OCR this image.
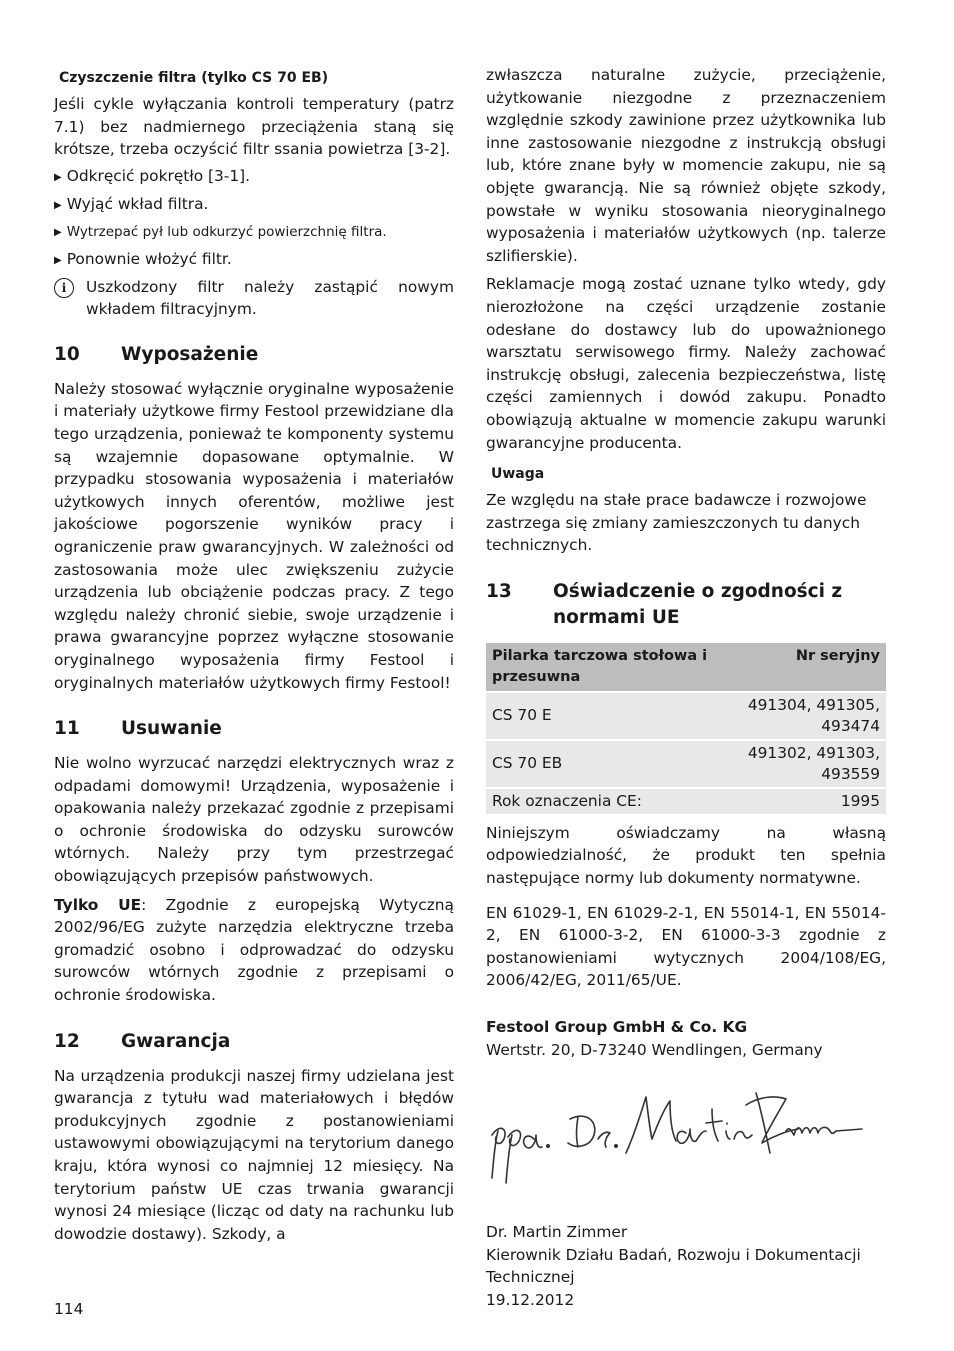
Czyszczenie filtra (tylko CS 70 EB)

Jeśli cykle wyłączania kontroli temperatury (patrz 7.1) bez nadmiernego przeciążenia staną się krótsze, trzeba oczyścić filtr ssania powietrza [3-2].

▶ Odkręcić pokrętło [3-1].
▶ Wyjąć wkład filtra.
▶ Wytrzepać pył lub odkurzyć powierzchnię filtra.
▶ Ponownie włożyć filtr.
i	Uszkodzony filtr należy zastąpić nowym wkładem filtracyjnym.
10	Wyposażenie

Należy stosować wyłącznie oryginalne wyposażenie i materiały użytkowe firmy Festool przewidziane dla tego urządzenia, ponieważ te komponenty systemu są wzajemnie dopasowane optymalnie. W przypadku stosowania wyposażenia i materiałów użytkowych innych oferentów, możliwe jest jakościowe pogorszenie wyników pracy i ograniczenie praw gwarancyjnych. W zależności od zastosowania może ulec zwiększeniu zużycie urządzenia lub obciążenie podczas pracy. Z tego względu należy chronić siebie, swoje urządzenie i prawa gwarancyjne poprzez wyłączne stosowanie oryginalnego wyposażenia firmy Festool i oryginalnych materiałów użytkowych firmy Festool!

11	Usuwanie

Nie wolno wyrzucać narzędzi elektrycznych wraz z odpadami domowymi! Urządzenia, wyposażenie i opakowania należy przekazać zgodnie z przepisami o ochronie środowiska do odzysku surowców wtórnych. Należy przy tym przestrzegać obowiązujących przepisów państwowych.

Tylko UE: Zgodnie z europejską Wytyczną 2002/96/EG zużyte narzędzia elektryczne trzeba gromadzić osobno i odprowadzać do odzysku surowców wtórnych zgodnie z przepisami o ochronie środowiska.

12	Gwarancja

Na urządzenia produkcji naszej firmy udzielana jest gwarancja z tytułu wad materiałowych i błędów produkcyjnych zgodnie z postanowieniami ustawowymi obowiązującymi na terytorium danego kraju, która wynosi co najmniej 12 miesięcy. Na terytorium państw UE czas trwania gwarancji wynosi 24 miesiące (licząc od daty na rachunku lub dowodzie dostawy). Szkody, a

zwłaszcza naturalne zużycie, przeciążenie, użytkowanie niezgodne z przeznaczeniem względnie szkody zawinione przez użytkownika lub inne zastosowanie niezgodne z instrukcją obsługi lub, które znane były w momencie zakupu, nie są objęte gwarancją. Nie są również objęte szkody, powstałe w wyniku stosowania nieoryginalnego wyposażenia i materiałów użytkowych (np. talerze szlifierskie).

Reklamacje mogą zostać uznane tylko wtedy, gdy nierozłożone na części urządzenie zostanie odesłane do dostawcy lub do upoważnionego warsztatu serwisowego firmy. Należy zachować instrukcję obsługi, zalecenia bezpieczeństwa, listę części zamiennych i dowód zakupu. Ponadto obowiązują aktualne w momencie zakupu warunki gwarancyjne producenta.

Uwaga

Ze względu na stałe prace badawcze i rozwojowe zastrzega się zmiany zamieszczonych tu danych technicznych.

13	Oświadczenie o zgodności z normami UE
Pilarka tarczowa stołowa i przesuwna	Nr seryjny
CS 70 E	491304, 491305, 493474
CS 70 EB	491302, 491303, 493559
Rok oznaczenia CE:	1995

Niniejszym oświadczamy na własną odpowiedzialność, że produkt ten spełnia następujące normy lub dokumenty normatywne.

EN 61029-1, EN 61029-2-1, EN 55014-1, EN 55014-2, EN 61000-3-2, EN 61000-3-3 zgodnie z postanowieniami wytycznych 2004/108/EG, 2006/42/EG, 2011/65/UE.

Festool Group GmbH & Co. KG

Wertstr. 20, D-73240 Wendlingen, Germany

Dr. Martin Zimmer

Kierownik Działu Badań, Rozwoju i Dokumentacji Technicznej

19.12.2012

114
